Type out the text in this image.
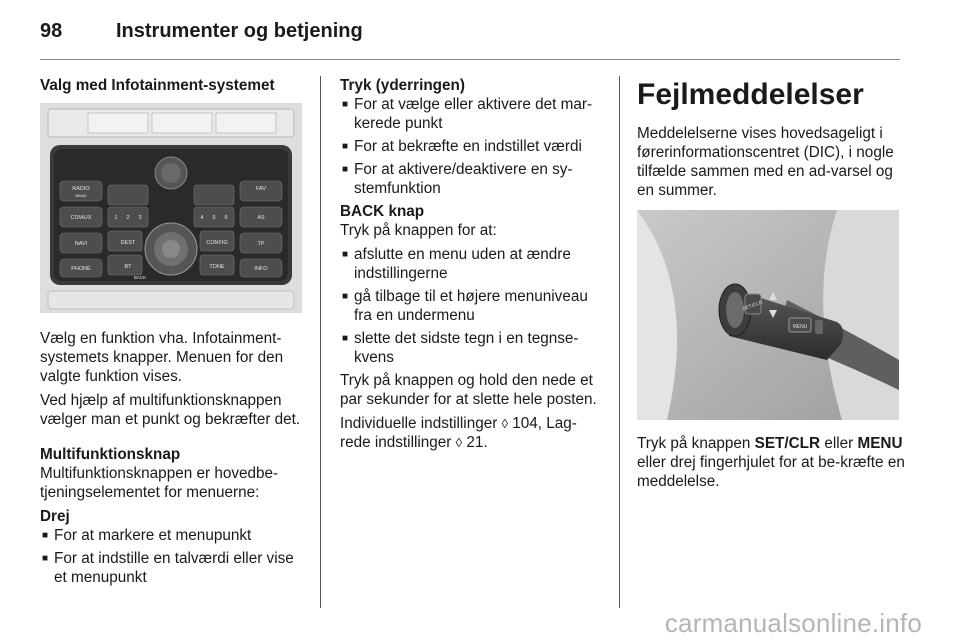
98	Instrumenter og betjening
Valg med Infotainment-systemet
RADIO
BAND
CD/AUX
NAVI
PHONE
DEST
BT
CONFIG
TONE
FAV
AS
TP
INFO
BACK
1 2 3	4 5 6

Vælg en funktion vha. Infotainment-systemets knapper. Menuen for den valgte funktion vises.

Ved hjælp af multifunktionsknappen vælger man et punkt og bekræfter det.

Multifunktionsknap

Multifunktionsknappen er hovedbe-tjeningselementet for menuerne:

Drej
■ For at markere et menupunkt
■ For at indstille en talværdi eller vise et menupunkt
Tryk (yderringen)
■ For at vælge eller aktivere det mar-kerede punkt
■ For at bekræfte en indstillet værdi
■ For at aktivere/deaktivere en sy-stemfunktion
BACK knap

Tryk på knappen for at:

■ afslutte en menu uden at ændre indstillingerne
■ gå tilbage til et højere menuniveau fra en undermenu
■ slette det sidste tegn i en tegnse-kvens

Tryk på knappen og hold den nede et par sekunder for at slette hele posten.

Individuelle indstillinger ◊ 104, Lag-rede indstillinger ◊ 21.

Fejlmeddelelser

Meddelelserne vises hovedsageligt i førerinformationscentret (DIC), i nogle tilfælde sammen med en ad-varsel og en summer.

SET/CLR
MENU

Tryk på knappen SET/CLR eller MENU eller drej fingerhjulet for at be-kræfte en meddelelse.

carmanualsonline.info
